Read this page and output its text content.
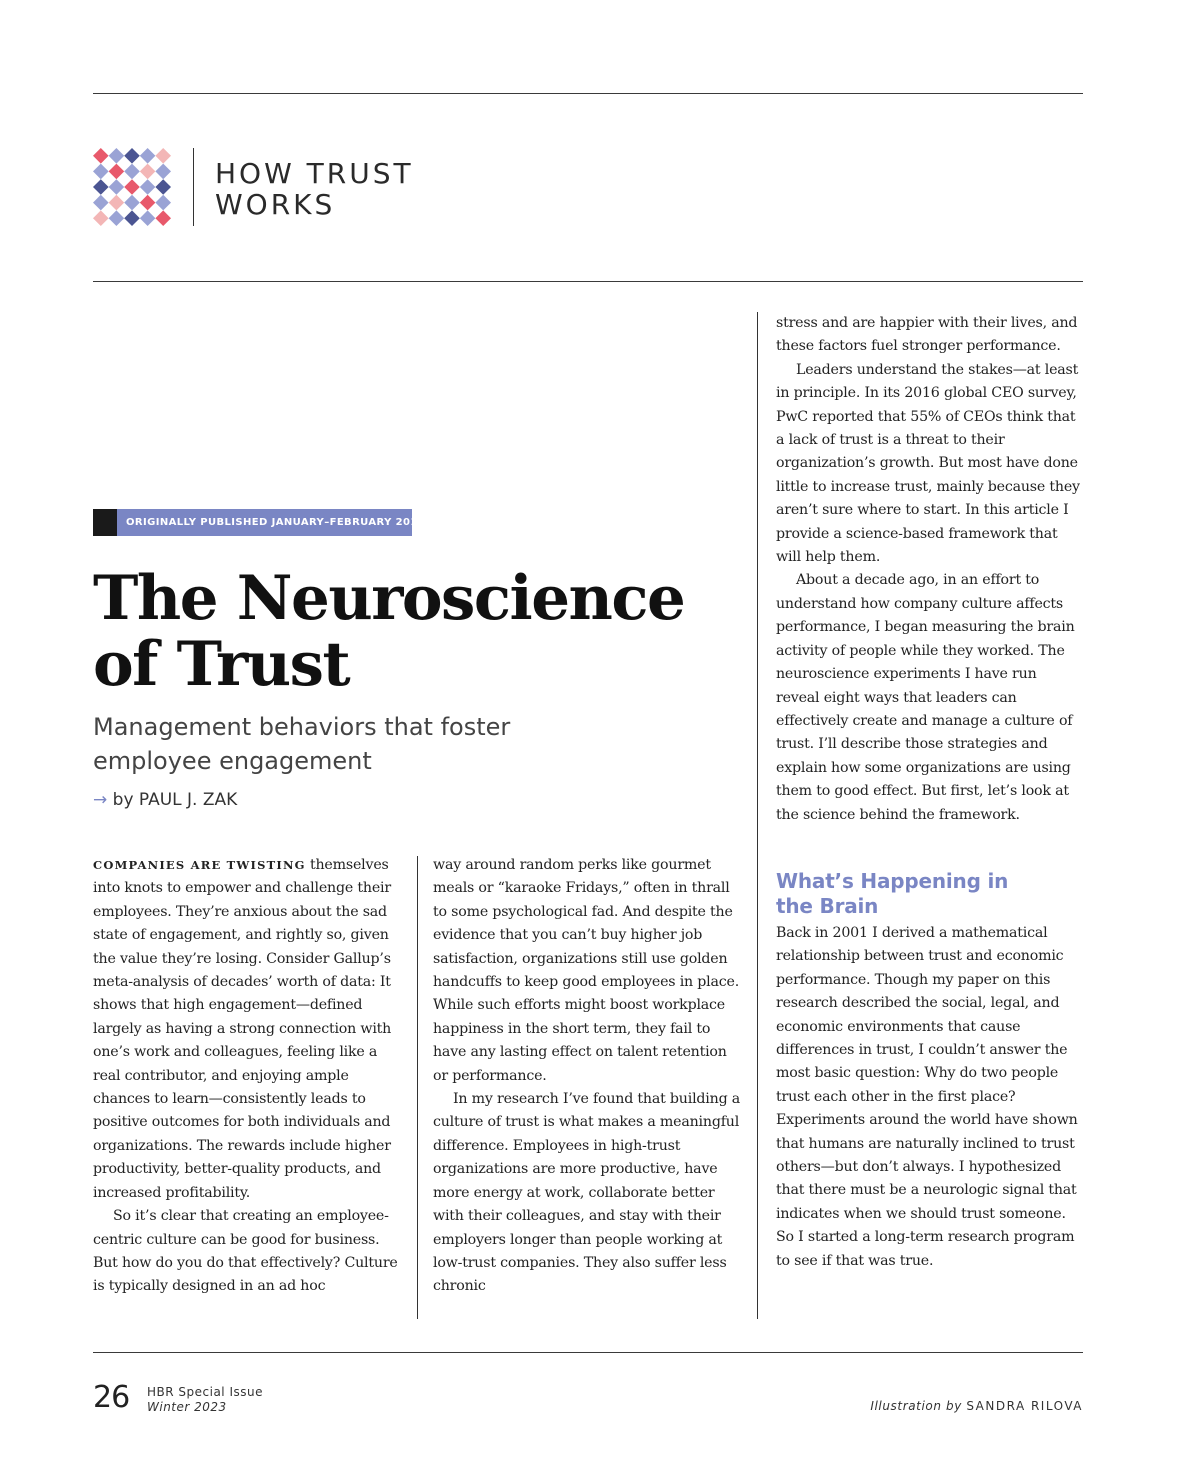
HOW TRUST WORKS
ORIGINALLY PUBLISHED JANUARY–FEBRUARY 2017
The Neuroscience of Trust
Management behaviors that foster employee engagement
→ by PAUL J. ZAK

COMPANIES ARE TWISTING themselves into knots to empower and challenge their employees. They’re anxious about the sad state of engagement, and rightly so, given the value they’re losing. Consider Gallup’s meta-analysis of decades’ worth of data: It shows that high engagement—defined largely as having a strong connection with one’s work and colleagues, feeling like a real contributor, and enjoying ample chances to learn—consistently leads to positive outcomes for both individuals and organizations. The rewards include higher productivity, better-quality products, and increased profitability.

So it’s clear that creating an employee-centric culture can be good for business. But how do you do that effectively? Culture is typically designed in an ad hoc

way around random perks like gourmet meals or “karaoke Fridays,” often in thrall to some psychological fad. And despite the evidence that you can’t buy higher job satisfaction, organizations still use golden handcuffs to keep good employees in place. While such efforts might boost workplace happiness in the short term, they fail to have any lasting effect on talent retention or performance.

In my research I’ve found that building a culture of trust is what makes a meaningful difference. Employees in high-trust organizations are more productive, have more energy at work, collaborate better with their colleagues, and stay with their employers longer than people working at low-trust companies. They also suffer less chronic

stress and are happier with their lives, and these factors fuel stronger performance.

Leaders understand the stakes—at least in principle. In its 2016 global CEO survey, PwC reported that 55% of CEOs think that a lack of trust is a threat to their organization’s growth. But most have done little to increase trust, mainly because they aren’t sure where to start. In this article I provide a science-based framework that will help them.

About a decade ago, in an effort to understand how company culture affects performance, I began measuring the brain activity of people while they worked. The neuroscience experiments I have run reveal eight ways that leaders can effectively create and manage a culture of trust. I’ll describe those strategies and explain how some organizations are using them to good effect. But first, let’s look at the science behind the framework.

What’s Happening in the Brain

Back in 2001 I derived a mathematical relationship between trust and economic performance. Though my paper on this research described the social, legal, and economic environments that cause differences in trust, I couldn’t answer the most basic question: Why do two people trust each other in the first place? Experiments around the world have shown that humans are naturally inclined to trust others—but don’t always. I hypothesized that there must be a neurologic signal that indicates when we should trust someone. So I started a long-term research program to see if that was true.

26 HBR Special Issue
Winter 2023	Illustration by SANDRA RILOVA
